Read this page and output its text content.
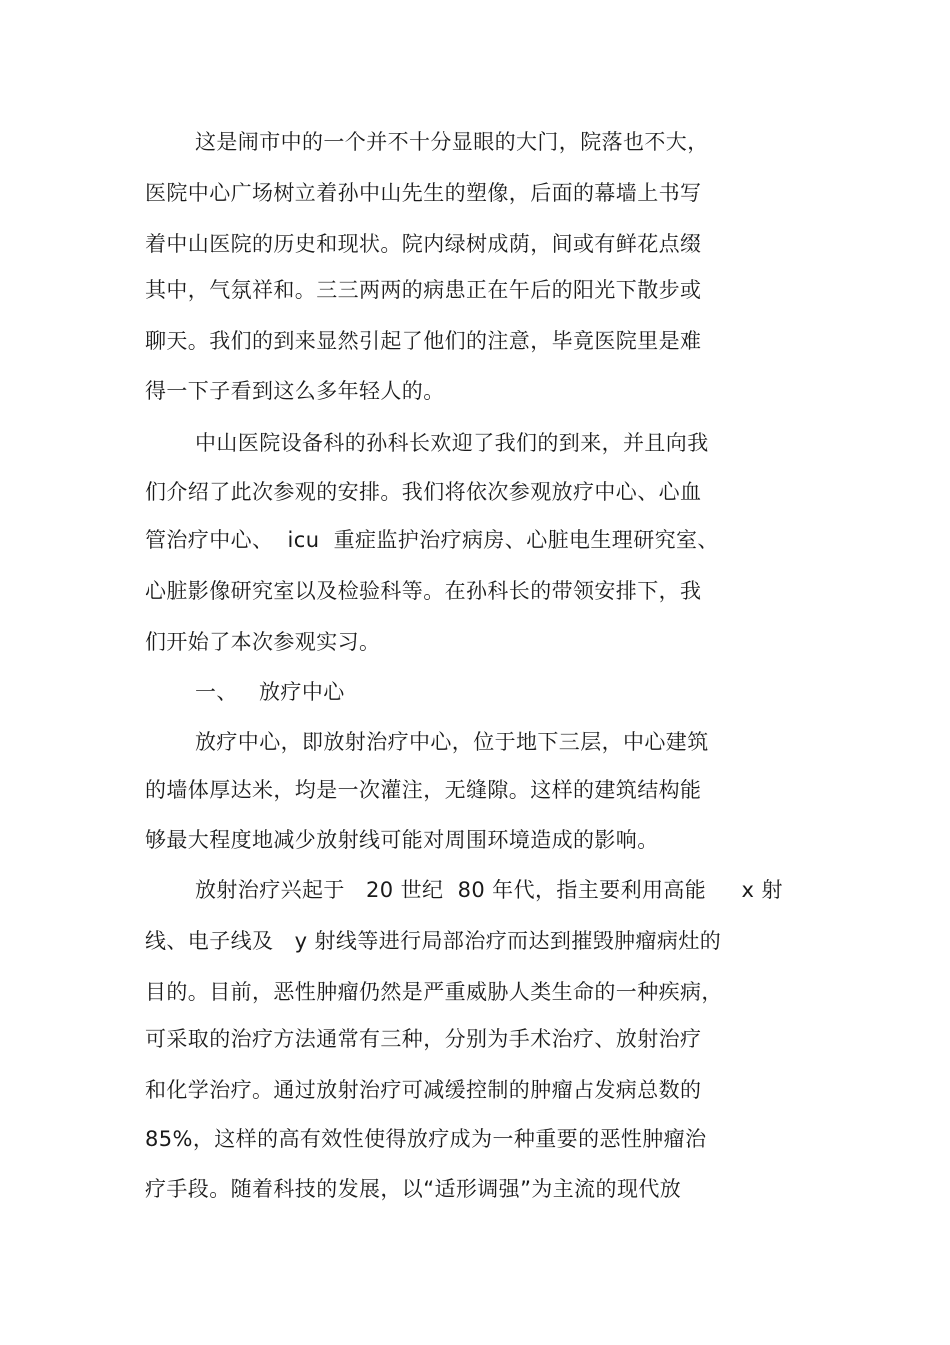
这是闹市中的一个并不十分显眼的大门，院落也不大，
医院中心广场树立着孙中山先生的塑像，后面的幕墙上书写
着中山医院的历史和现状。院内绿树成荫，间或有鲜花点缀
其中，气氛祥和。三三两两的病患正在午后的阳光下散步或
聊天。我们的到来显然引起了他们的注意，毕竟医院里是难
得一下子看到这么多年轻人的。
中山医院设备科的孙科长欢迎了我们的到来，并且向我
们介绍了此次参观的安排。我们将依次参观放疗中心、心血
管治疗中心、  icu  重症监护治疗病房、心脏电生理研究室、
心脏影像研究室以及检验科等。在孙科长的带领安排下，我
们开始了本次参观实习。
一、   放疗中心
放疗中心，即放射治疗中心，位于地下三层，中心建筑
的墙体厚达米，均是一次灌注，无缝隙。这样的建筑结构能
够最大程度地减少放射线可能对周围环境造成的影响。
放射治疗兴起于   20 世纪  80 年代，指主要利用高能     x 射
线、电子线及   y 射线等进行局部治疗而达到摧毁肿瘤病灶的
目的。目前，恶性肿瘤仍然是严重威胁人类生命的一种疾病，
可采取的治疗方法通常有三种，分别为手术治疗、放射治疗
和化学治疗。通过放射治疗可减缓控制的肿瘤占发病总数的
85%，这样的高有效性使得放疗成为一种重要的恶性肿瘤治
疗手段。随着科技的发展，以“适形调强”为主流的现代放
